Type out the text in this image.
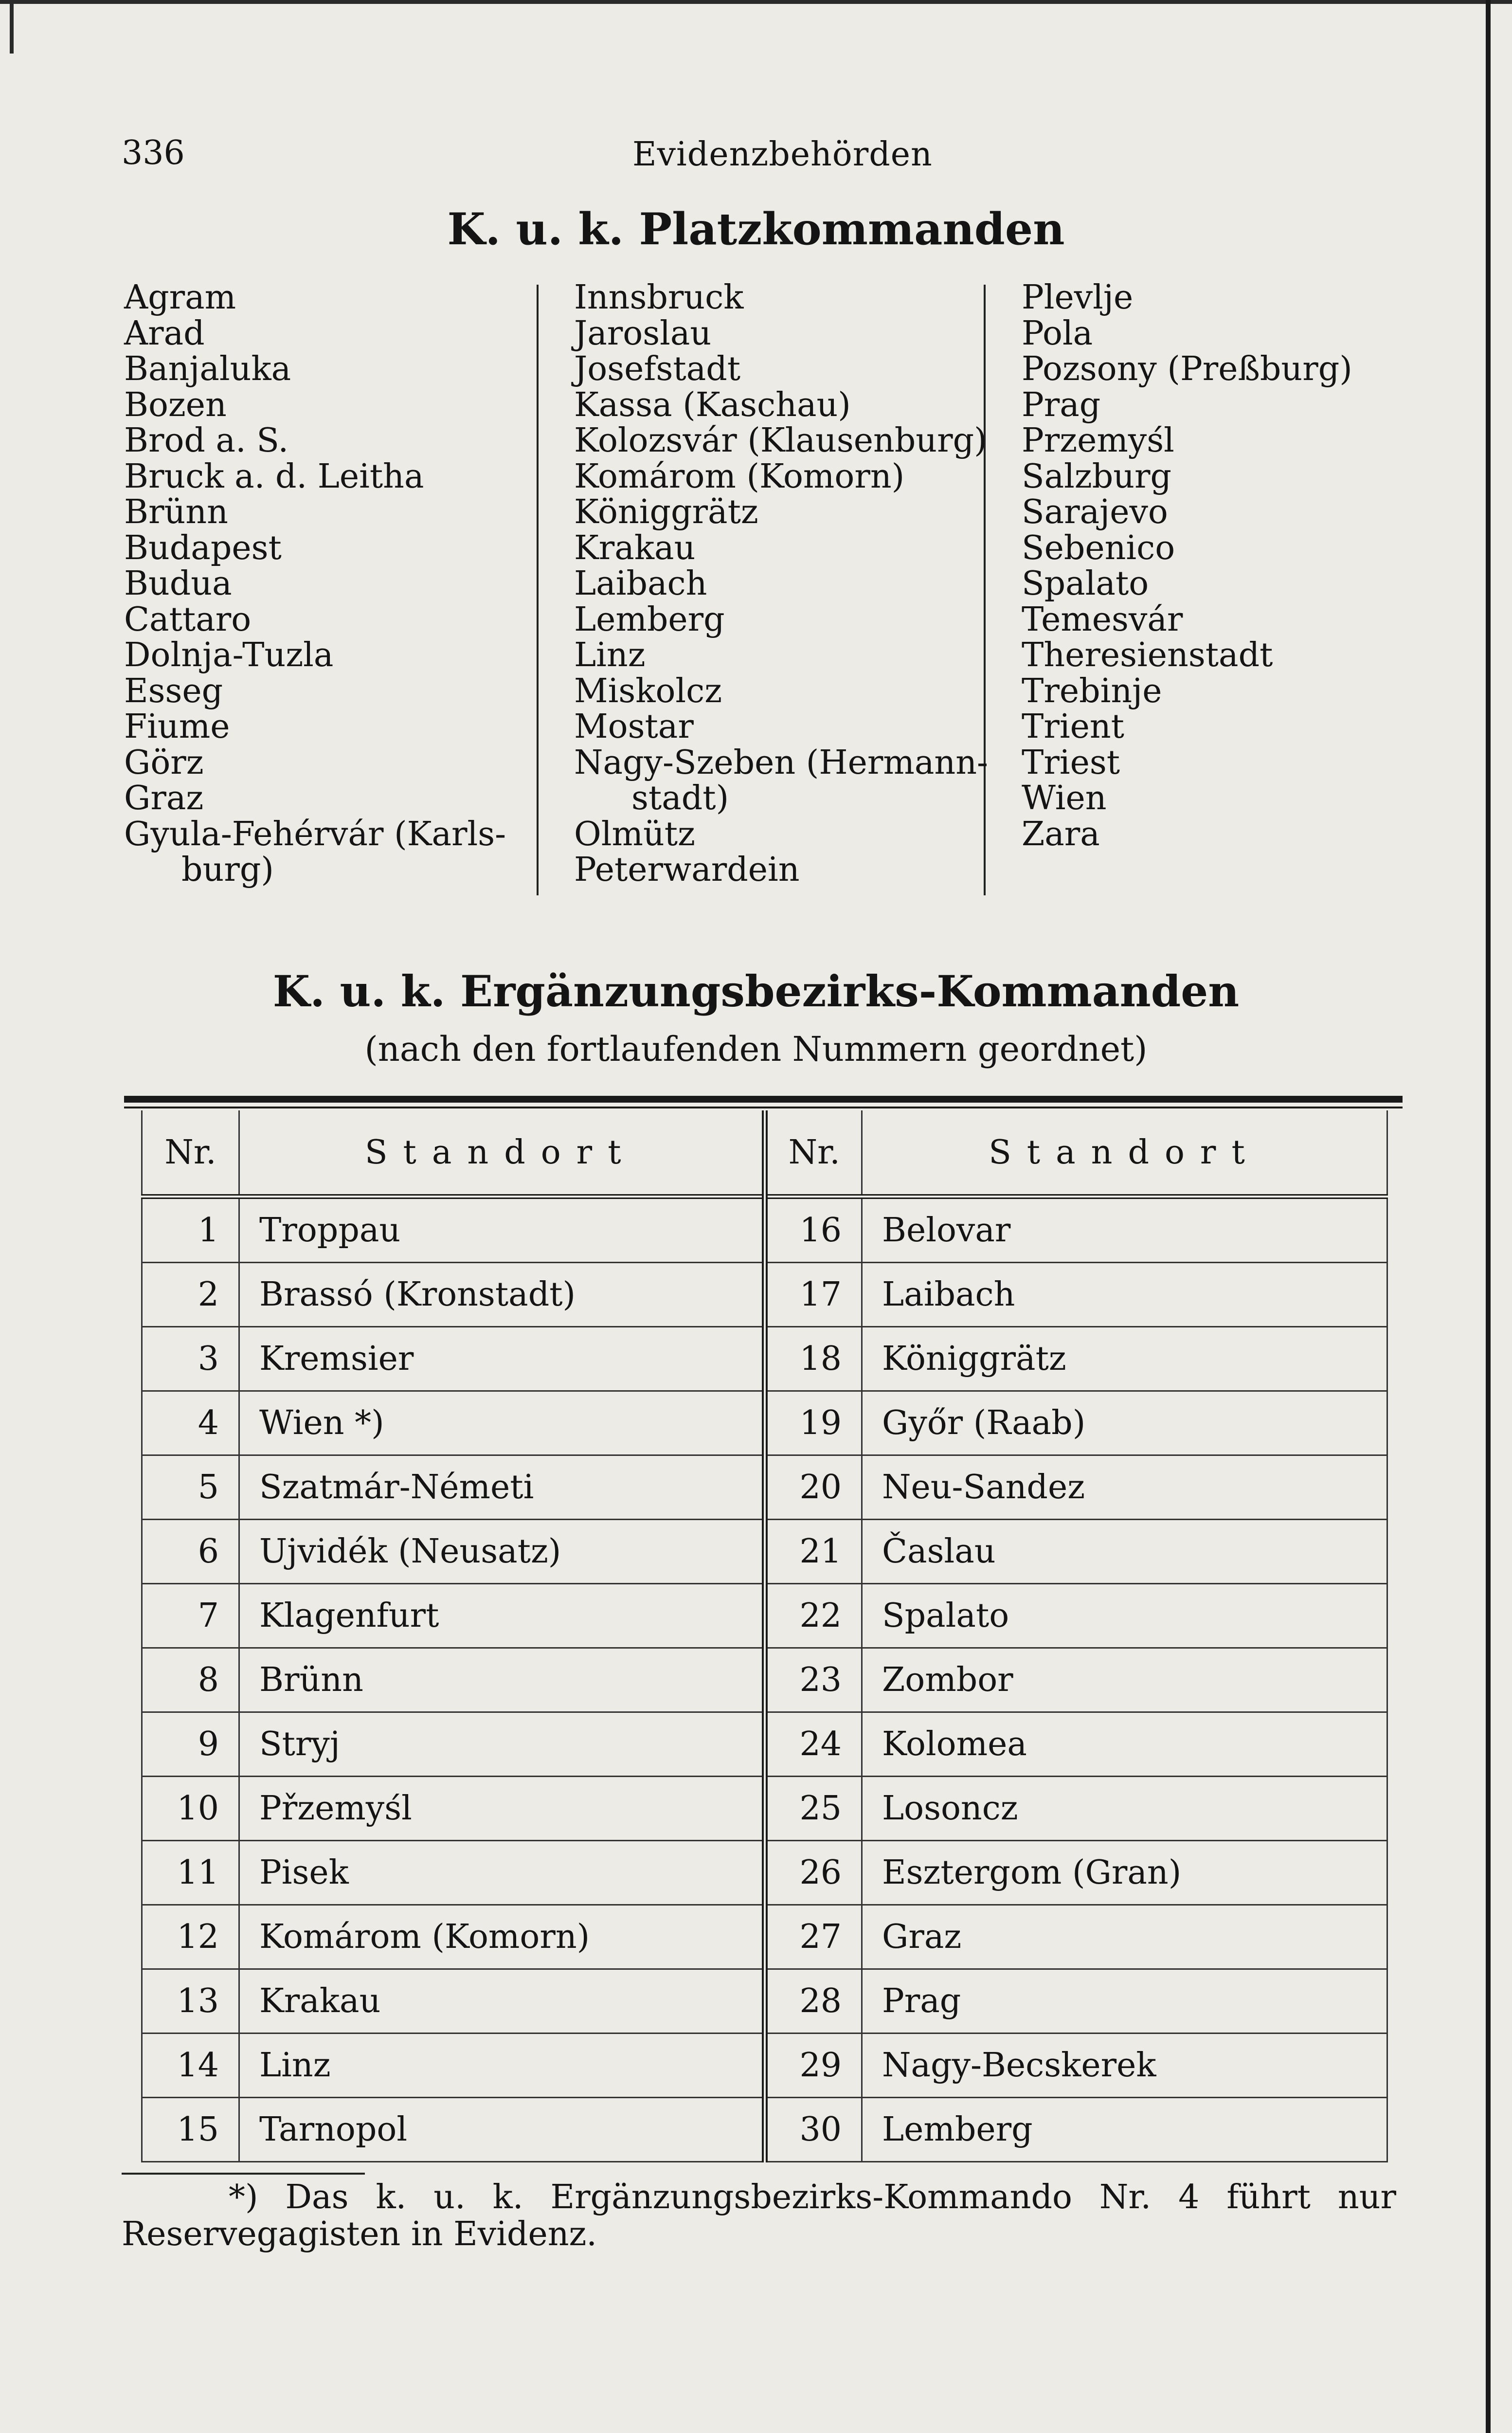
336	Evidenzbehörden
K. u. k. Platzkommanden
Agram
Arad
Banjaluka
Bozen
Brod a. S.
Bruck a. d. Leitha
Brünn
Budapest
Budua
Cattaro
Dolnja-Tuzla
Esseg
Fiume
Görz
Graz
Gyula-Fehérvár (Karls-
burg)
Innsbruck
Jaroslau
Josefstadt
Kassa (Kaschau)
Kolozsvár (Klausenburg)
Komárom (Komorn)
Königgrätz
Krakau
Laibach
Lemberg
Linz
Miskolcz
Mostar
Nagy-Szeben (Hermann-
stadt)
Olmütz
Peterwardein
Plevlje
Pola
Pozsony (Preßburg)
Prag
Przemyśl
Salzburg
Sarajevo
Sebenico
Spalato
Temesvár
Theresienstadt
Trebinje
Trient
Triest
Wien
Zara
K. u. k. Ergänzungsbezirks-Kommanden
(nach den fortlaufenden Nummern geordnet)
Nr.	Standort	Nr.	Standort
1	Troppau	16	Belovar
2	Brassó (Kronstadt)	17	Laibach
3	Kremsier	18	Königgrätz
4	Wien *)	19	Győr (Raab)
5	Szatmár-Németi	20	Neu-Sandez
6	Ujvidék (Neusatz)	21	Časlau
7	Klagenfurt	22	Spalato
8	Brünn	23	Zombor
9	Stryj	24	Kolomea
10	Přzemyśl	25	Losoncz
11	Pisek	26	Esztergom (Gran)
12	Komárom (Komorn)	27	Graz
13	Krakau	28	Prag
14	Linz	29	Nagy-Becskerek
15	Tarnopol	30	Lemberg
*) Das k. u. k. Ergänzungsbezirks-Kommando Nr. 4 führt nur Reservegagisten in Evidenz.
